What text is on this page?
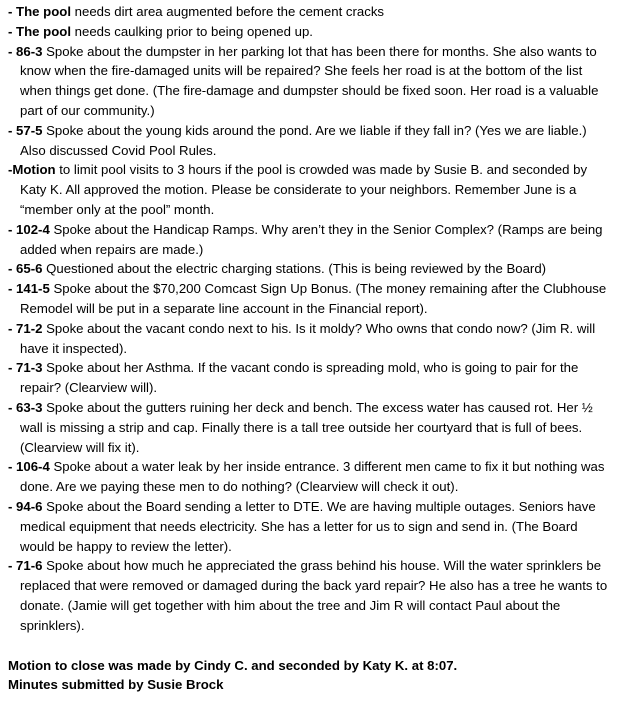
- The pool needs dirt area augmented before the cement cracks

- The pool needs caulking prior to being opened up.

- 86-3 Spoke about the dumpster in her parking lot that has been there for months. She also wants to know when the fire-damaged units will be repaired? She feels her road is at the bottom of the list when things get done. (The fire-damage and dumpster should be fixed soon. Her road is a valuable part of our community.)

- 57-5 Spoke about the young kids around the pond. Are we liable if they fall in? (Yes we are liable.) Also discussed Covid Pool Rules.

-Motion to limit pool visits to 3 hours if the pool is crowded was made by Susie B. and seconded by Katy K. All approved the motion. Please be considerate to your neighbors. Remember June is a “member only at the pool” month.

- 102-4 Spoke about the Handicap Ramps. Why aren’t they in the Senior Complex? (Ramps are being added when repairs are made.)

- 65-6 Questioned about the electric charging stations. (This is being reviewed by the Board)

- 141-5 Spoke about the $70,200 Comcast Sign Up Bonus. (The money remaining after the Clubhouse Remodel will be put in a separate line account in the Financial report).

- 71-2 Spoke about the vacant condo next to his. Is it moldy? Who owns that condo now? (Jim R. will have it inspected).

- 71-3 Spoke about her Asthma. If the vacant condo is spreading mold, who is going to pair for the repair? (Clearview will).

- 63-3 Spoke about the gutters ruining her deck and bench. The excess water has caused rot. Her ½ wall is missing a strip and cap. Finally there is a tall tree outside her courtyard that is full of bees. (Clearview will fix it).

- 106-4 Spoke about a water leak by her inside entrance. 3 different men came to fix it but nothing was done. Are we paying these men to do nothing? (Clearview will check it out).

- 94-6 Spoke about the Board sending a letter to DTE. We are having multiple outages. Seniors have medical equipment that needs electricity. She has a letter for us to sign and send in. (The Board would be happy to review the letter).

- 71-6 Spoke about how much he appreciated the grass behind his house. Will the water sprinklers be replaced that were removed or damaged during the back yard repair? He also has a tree he wants to donate. (Jamie will get together with him about the tree and Jim R will contact Paul about the sprinklers).

Motion to close was made by Cindy C. and seconded by Katy K. at 8:07.

Minutes submitted by Susie Brock
